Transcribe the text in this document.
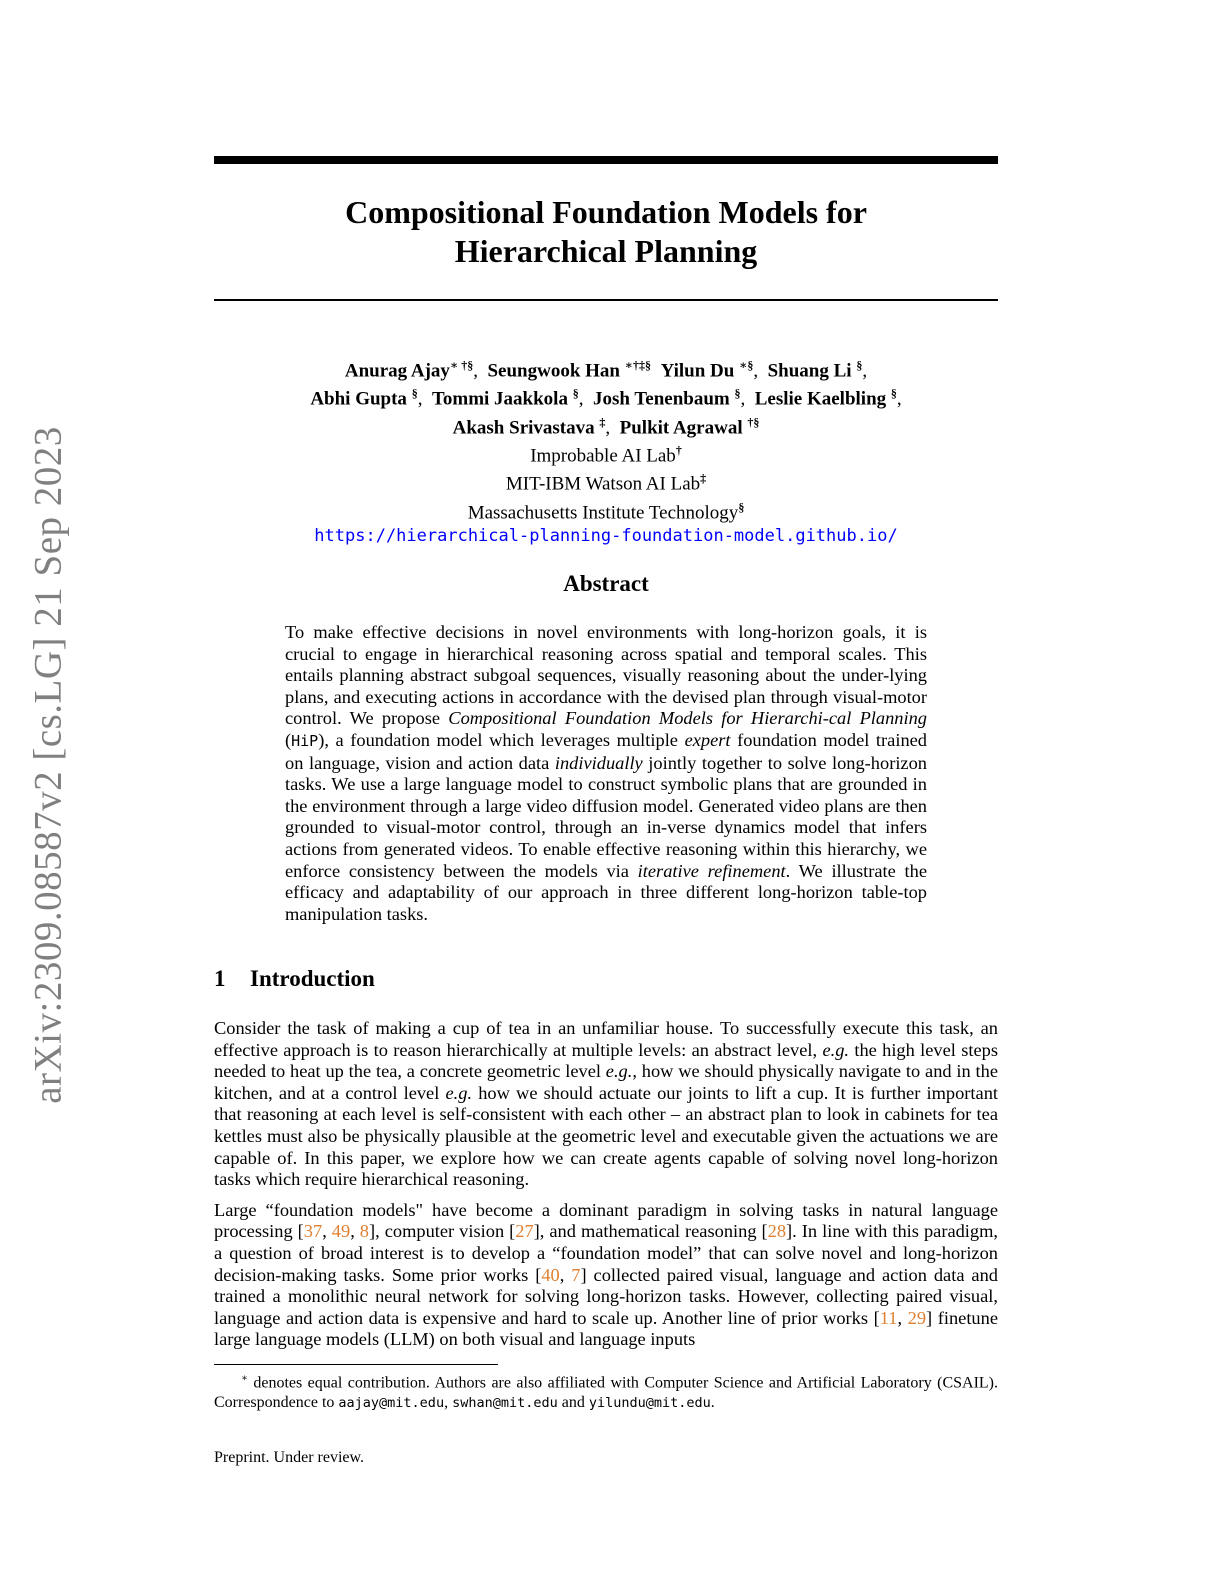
arXiv:2309.08587v2 [cs.LG] 21 Sep 2023
Compositional Foundation Models for
Hierarchical Planning
Anurag Ajay∗ †§,  Seungwook Han ∗†‡§ Yilun Du ∗§,  Shuang Li §,
Abhi Gupta §,  Tommi Jaakkola §,  Josh Tenenbaum §,  Leslie Kaelbling §,
Akash Srivastava ‡,  Pulkit Agrawal †§
Improbable AI Lab†
MIT-IBM Watson AI Lab‡
Massachusetts Institute Technology§
https://hierarchical-planning-foundation-model.github.io/
Abstract
To make effective decisions in novel environments with long-horizon goals, it is crucial to engage in hierarchical reasoning across spatial and temporal scales. This entails planning abstract subgoal sequences, visually reasoning about the under-lying plans, and executing actions in accordance with the devised plan through visual-motor control. We propose Compositional Foundation Models for Hierarchi-cal Planning (HiP), a foundation model which leverages multiple expert foundation model trained on language, vision and action data individually jointly together to solve long-horizon tasks. We use a large language model to construct symbolic plans that are grounded in the environment through a large video diffusion model. Generated video plans are then grounded to visual-motor control, through an in-verse dynamics model that infers actions from generated videos. To enable effective reasoning within this hierarchy, we enforce consistency between the models via iterative refinement. We illustrate the efficacy and adaptability of our approach in three different long-horizon table-top manipulation tasks.
1 Introduction

Consider the task of making a cup of tea in an unfamiliar house. To successfully execute this task, an effective approach is to reason hierarchically at multiple levels: an abstract level, e.g. the high level steps needed to heat up the tea, a concrete geometric level e.g., how we should physically navigate to and in the kitchen, and at a control level e.g. how we should actuate our joints to lift a cup. It is further important that reasoning at each level is self-consistent with each other – an abstract plan to look in cabinets for tea kettles must also be physically plausible at the geometric level and executable given the actuations we are capable of. In this paper, we explore how we can create agents capable of solving novel long-horizon tasks which require hierarchical reasoning.

Large “foundation models" have become a dominant paradigm in solving tasks in natural language processing [37, 49, 8], computer vision [27], and mathematical reasoning [28]. In line with this paradigm, a question of broad interest is to develop a “foundation model” that can solve novel and long-horizon decision-making tasks. Some prior works [40, 7] collected paired visual, language and action data and trained a monolithic neural network for solving long-horizon tasks. However, collecting paired visual, language and action data is expensive and hard to scale up. Another line of prior works [11, 29] finetune large language models (LLM) on both visual and language inputs

∗ denotes equal contribution. Authors are also affiliated with Computer Science and Artificial Laboratory (CSAIL). Correspondence to aajay@mit.edu, swhan@mit.edu and yilundu@mit.edu.
Preprint. Under review.
